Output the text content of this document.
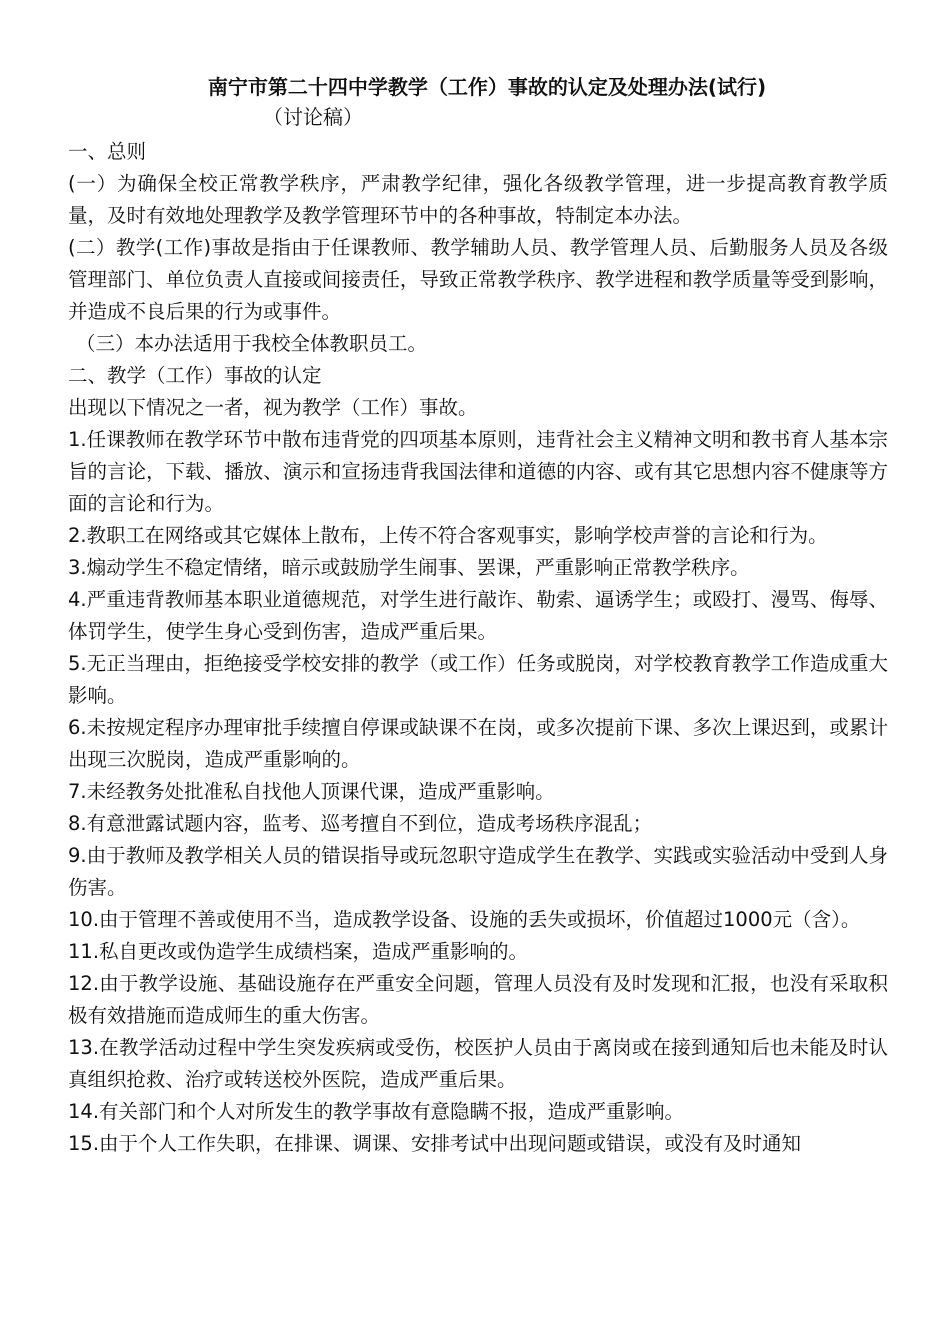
南宁市第二十四中学教学（工作）事故的认定及处理办法(试行)

（讨论稿）

一、总则

(一）为确保全校正常教学秩序，严肃教学纪律，强化各级教学管理，进一步提高教育教学质量，及时有效地处理教学及教学管理环节中的各种事故，特制定本办法。

(二）教学(工作)事故是指由于任课教师、教学辅助人员、教学管理人员、后勤服务人员及各级管理部门、单位负责人直接或间接责任，导致正常教学秩序、教学进程和教学质量等受到影响，并造成不良后果的行为或事件。

（三）本办法适用于我校全体教职员工。

二、教学（工作）事故的认定

出现以下情况之一者，视为教学（工作）事故。

1.任课教师在教学环节中散布违背党的四项基本原则，违背社会主义精神文明和教书育人基本宗旨的言论，下载、播放、演示和宣扬违背我国法律和道德的内容、或有其它思想内容不健康等方面的言论和行为。

2.教职工在网络或其它媒体上散布，上传不符合客观事实，影响学校声誉的言论和行为。

3.煽动学生不稳定情绪，暗示或鼓励学生闹事、罢课，严重影响正常教学秩序。

4.严重违背教师基本职业道德规范，对学生进行敲诈、勒索、逼诱学生；或殴打、漫骂、侮辱、体罚学生，使学生身心受到伤害，造成严重后果。

5.无正当理由，拒绝接受学校安排的教学（或工作）任务或脱岗，对学校教育教学工作造成重大影响。

6.未按规定程序办理审批手续擅自停课或缺课不在岗，或多次提前下课、多次上课迟到，或累计出现三次脱岗，造成严重影响的。

7.未经教务处批准私自找他人顶课代课，造成严重影响。

8.有意泄露试题内容，监考、巡考擅自不到位，造成考场秩序混乱；

9.由于教师及教学相关人员的错误指导或玩忽职守造成学生在教学、实践或实验活动中受到人身伤害。

10.由于管理不善或使用不当，造成教学设备、设施的丢失或损坏，价值超过1000元（含）。

11.私自更改或伪造学生成绩档案，造成严重影响的。

12.由于教学设施、基础设施存在严重安全问题，管理人员没有及时发现和汇报，也没有采取积极有效措施而造成师生的重大伤害。

13.在教学活动过程中学生突发疾病或受伤，校医护人员由于离岗或在接到通知后也未能及时认真组织抢救、治疗或转送校外医院，造成严重后果。

14.有关部门和个人对所发生的教学事故有意隐瞒不报，造成严重影响。

15.由于个人工作失职，在排课、调课、安排考试中出现问题或错误，或没有及时通知
